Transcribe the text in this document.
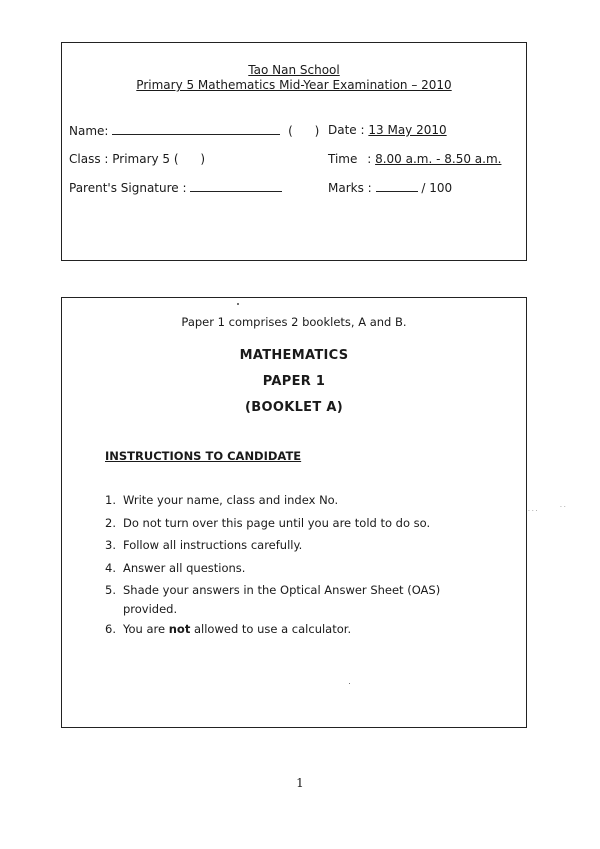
Tao Nan School
Primary 5 Mathematics Mid-Year Examination – 2010
Name:	( ) Date : 13 May 2010
Class : Primary 5 ( )	Time : 8.00 a.m. - 8.50 a.m.
Parent's Signature :	Marks :	/ 100
Paper 1 comprises 2 booklets, A and B.
MATHEMATICS
PAPER 1
(BOOKLET A)
INSTRUCTIONS TO CANDIDATE
1. Write your name, class and index No.
2. Do not turn over this page until you are told to do so.
3. Follow all instructions carefully.
4. Answer all questions.
5. Shade your answers in the Optical Answer Sheet (OAS)
provided.
6. You are not allowed to use a calculator.
· · ·
· ·
1
